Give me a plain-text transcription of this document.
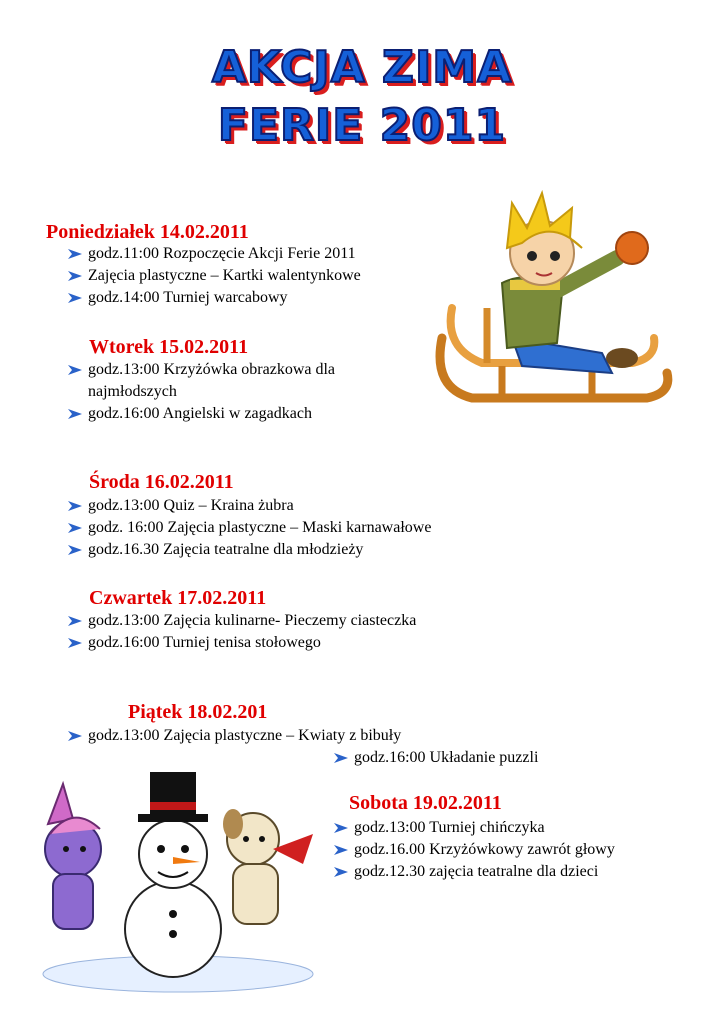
AKCJA ZIMA
FERIE 2011
Poniedziałek 14.02.2011
godz.11:00 Rozpoczęcie Akcji Ferie 2011
Zajęcia plastyczne – Kartki walentynkowe
godz.14:00 Turniej warcabowy
Wtorek 15.02.2011
godz.13:00 Krzyżówka obrazkowa dla najmłodszych
godz.16:00 Angielski w zagadkach
Środa 16.02.2011
godz.13:00 Quiz – Kraina żubra
godz. 16:00 Zajęcia plastyczne – Maski karnawałowe
godz.16.30 Zajęcia teatralne dla młodzieży
Czwartek 17.02.2011
godz.13:00 Zajęcia kulinarne- Pieczemy ciasteczka
godz.16:00 Turniej tenisa stołowego
Piątek 18.02.201
godz.13:00 Zajęcia plastyczne – Kwiaty z bibuły
godz.16:00 Układanie puzzli
Sobota 19.02.2011
godz.13:00 Turniej chińczyka
godz.16.00 Krzyżówkowy zawrót głowy
godz.12.30 zajęcia teatralne dla dzieci
